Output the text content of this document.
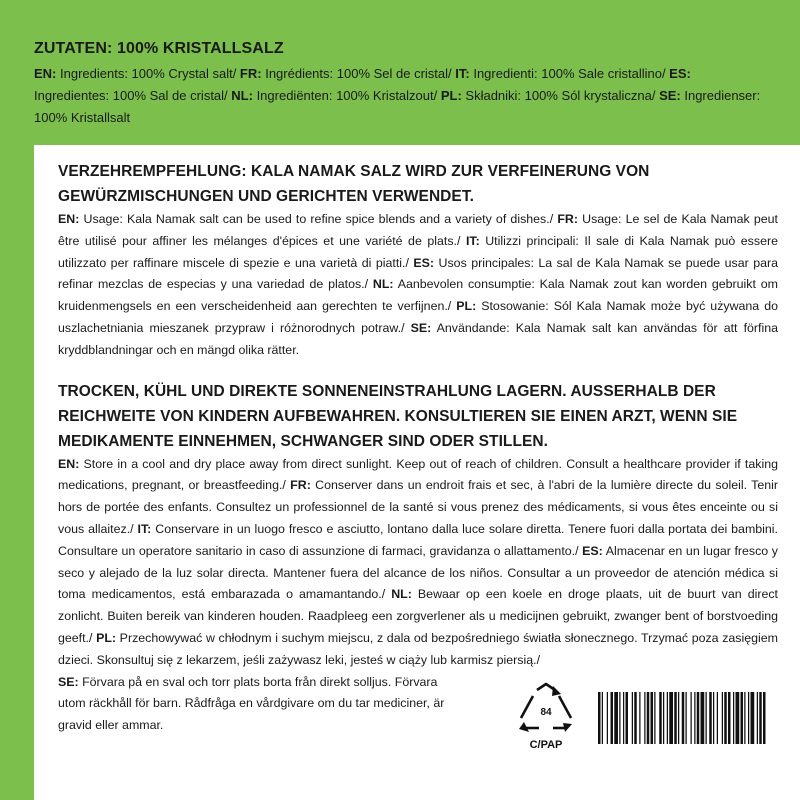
ZUTATEN: 100% KRISTALLSALZ
EN: Ingredients: 100% Crystal salt/ FR: Ingrédients: 100% Sel de cristal/ IT: Ingredienti: 100% Sale cristallino/ ES: Ingredientes: 100% Sal de cristal/ NL: Ingrediënten: 100% Kristalzout/ PL: Składniki: 100% Sól krystaliczna/ SE: Ingredienser: 100% Kristallsalt
VERZEHREMPFEHLUNG: KALA NAMAK SALZ WIRD ZUR VERFEINERUNG VON GEWÜRZMISCHUNGEN UND GERICHTEN VERWENDET.
EN: Usage: Kala Namak salt can be used to refine spice blends and a variety of dishes./ FR: Usage: Le sel de Kala Namak peut être utilisé pour affiner les mélanges d'épices et une variété de plats./ IT: Utilizzi principali: Il sale di Kala Namak può essere utilizzato per raffinare miscele di spezie e una varietà di piatti./ ES: Usos principales: La sal de Kala Namak se puede usar para refinar mezclas de especias y una variedad de platos./ NL: Aanbevolen consumptie: Kala Namak zout kan worden gebruikt om kruidenmengsels en een verscheidenheid aan gerechten te verfijnen./ PL: Stosowanie: Sól Kala Namak może być używana do uszlachetniania mieszanek przypraw i różnorodnych potraw./ SE: Användande: Kala Namak salt kan användas för att förfina kryddblandningar och en mängd olika rätter.
TROCKEN, KÜHL UND DIREKTE SONNENEINSTRAHLUNG LAGERN. AUSSERHALB DER REICHWEITE VON KINDERN AUFBEWAHREN. KONSULTIEREN SIE EINEN ARZT, WENN SIE MEDIKAMENTE EINNEHMEN, SCHWANGER SIND ODER STILLEN.
EN: Store in a cool and dry place away from direct sunlight. Keep out of reach of children. Consult a healthcare provider if taking medications, pregnant, or breastfeeding./ FR: Conserver dans un endroit frais et sec, à l'abri de la lumière directe du soleil. Tenir hors de portée des enfants. Consultez un professionnel de la santé si vous prenez des médicaments, si vous êtes enceinte ou si vous allaitez./ IT: Conservare in un luogo fresco e asciutto, lontano dalla luce solare diretta. Tenere fuori dalla portata dei bambini. Consultare un operatore sanitario in caso di assunzione di farmaci, gravidanza o allattamento./ ES: Almacenar en un lugar fresco y seco y alejado de la luz solar directa. Mantener fuera del alcance de los niños. Consultar a un proveedor de atención médica si toma medicamentos, está embarazada o amamantando./ NL: Bewaar op een koele en droge plaats, uit de buurt van direct zonlicht. Buiten bereik van kinderen houden. Raadpleeg een zorgverlener als u medicijnen gebruikt, zwanger bent of borstvoeding geeft./ PL: Przechowywać w chłodnym i suchym miejscu, z dala od bezpośredniego światła słonecznego. Trzymać poza zasięgiem dzieci. Skonsultuj się z lekarzem, jeśli zażywasz leki, jesteś w ciąży lub karmisz piersią./
SE: Förvara på en sval och torr plats borta från direkt solljus. Förvara utom räckhåll för barn. Rådfråga en vårdgivare om du tar mediciner, är gravid eller ammar.
84
C/PAP
